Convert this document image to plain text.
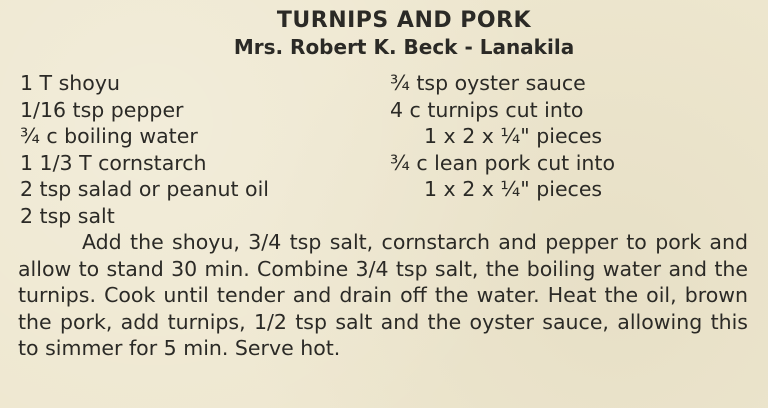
TURNIPS AND PORK
Mrs. Robert K. Beck - Lanakila
1 T shoyu
1/16 tsp pepper
¾ c boiling water
1 1/3 T cornstarch
2 tsp salad or peanut oil
2 tsp salt
¾ tsp oyster sauce
4 c turnips cut into
1 x 2 x ¼" pieces
¾ c lean pork cut into
1 x 2 x ¼" pieces

Add the shoyu, 3/4 tsp salt, cornstarch and pepper to pork and allow to stand 30 min. Combine 3/4 tsp salt, the boiling water and the turnips. Cook until tender and drain off the water. Heat the oil, brown the pork, add turnips, 1/2 tsp salt and the oyster sauce, allowing this to simmer for 5 min. Serve hot.
